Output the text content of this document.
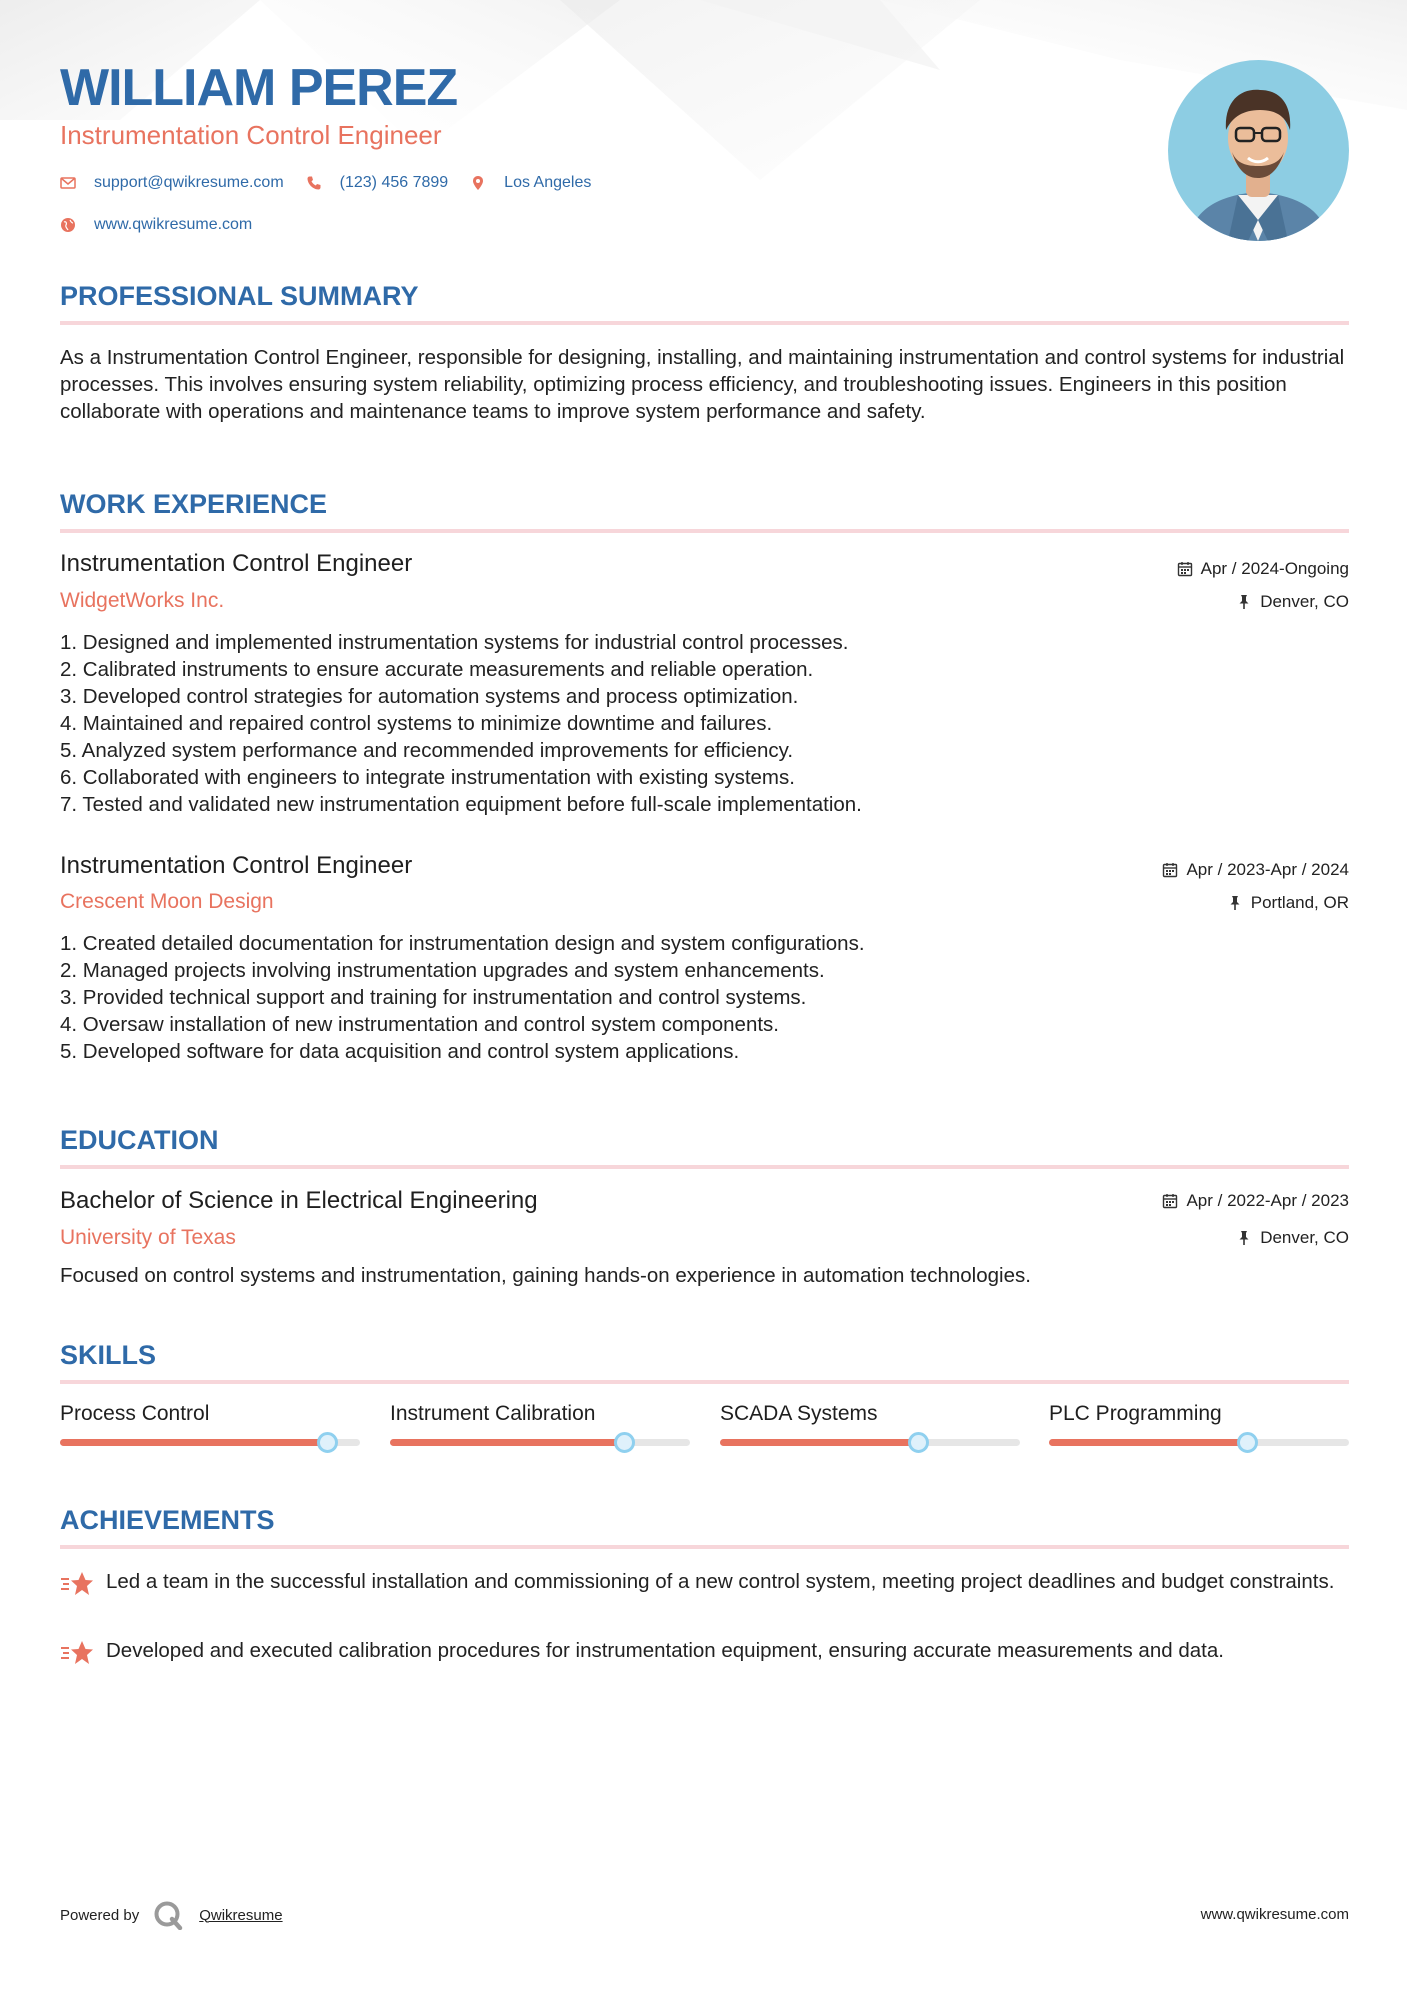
WILLIAM PEREZ
Instrumentation Control Engineer
support@qwikresume.com	(123) 456 7899	Los Angeles
www.qwikresume.com
PROFESSIONAL SUMMARY

As a Instrumentation Control Engineer, responsible for designing, installing, and maintaining instrumentation and control systems for industrial processes. This involves ensuring system reliability, optimizing process efficiency, and troubleshooting issues. Engineers in this position collaborate with operations and maintenance teams to improve system performance and safety.

WORK EXPERIENCE
Instrumentation Control Engineer
WidgetWorks Inc.
Apr / 2024-Ongoing
Denver, CO
1. Designed and implemented instrumentation systems for industrial control processes.
2. Calibrated instruments to ensure accurate measurements and reliable operation.
3. Developed control strategies for automation systems and process optimization.
4. Maintained and repaired control systems to minimize downtime and failures.
5. Analyzed system performance and recommended improvements for efficiency.
6. Collaborated with engineers to integrate instrumentation with existing systems.
7. Tested and validated new instrumentation equipment before full-scale implementation.
Instrumentation Control Engineer
Crescent Moon Design
Apr / 2023-Apr / 2024
Portland, OR
1. Created detailed documentation for instrumentation design and system configurations.
2. Managed projects involving instrumentation upgrades and system enhancements.
3. Provided technical support and training for instrumentation and control systems.
4. Oversaw installation of new instrumentation and control system components.
5. Developed software for data acquisition and control system applications.
EDUCATION
Bachelor of Science in Electrical Engineering
University of Texas
Apr / 2022-Apr / 2023
Denver, CO

Focused on control systems and instrumentation, gaining hands-on experience in automation technologies.

SKILLS
Process Control	Instrument Calibration	SCADA Systems	PLC Programming
ACHIEVEMENTS
Led a team in the successful installation and commissioning of a new control system, meeting project deadlines and budget constraints.
Developed and executed calibration procedures for instrumentation equipment, ensuring accurate measurements and data.
Powered by	Qwikresume	www.qwikresume.com
